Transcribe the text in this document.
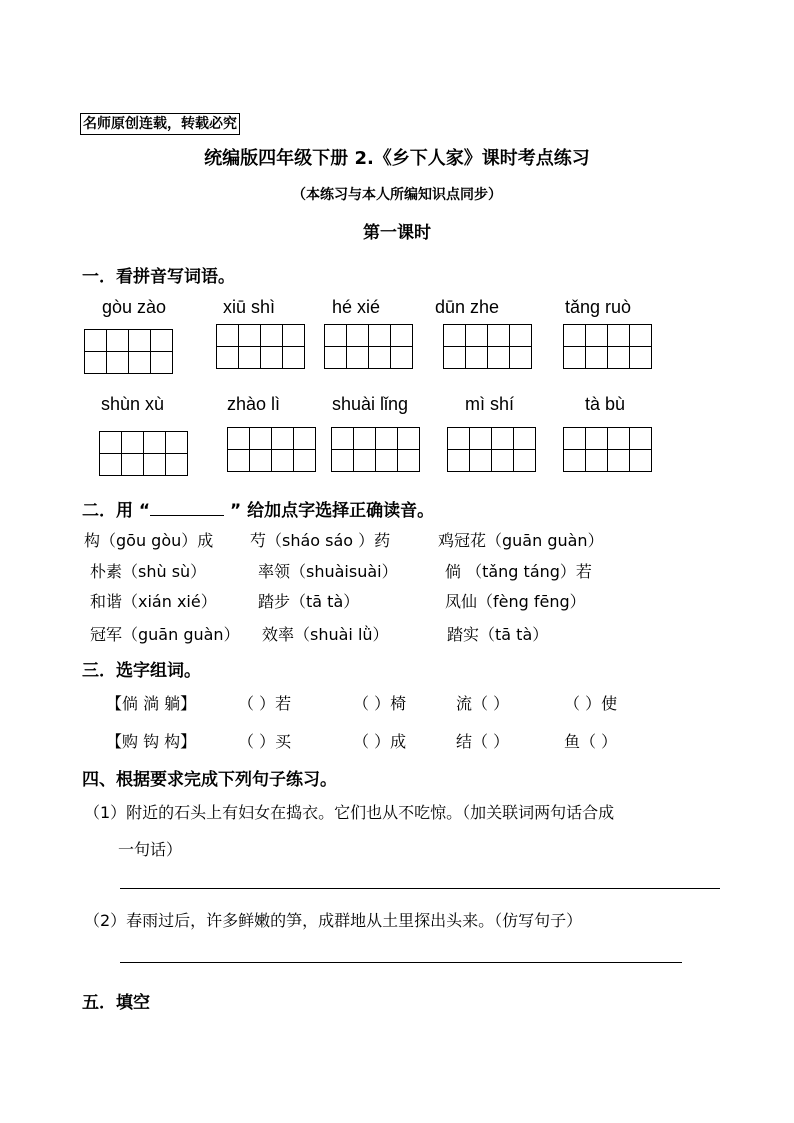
名师原创连载，转载必究
统编版四年级下册 2.《乡下人家》课时考点练习
（本练习与本人所编知识点同步）
第一课时
一．看拼音写词语。
gòu zào	xiū shì	hé xié	dūn zhe	tǎng ruò
shùn xù	zhào lì	shuài lǐng	mì shí	tà bù
二．用 “	” 给加点字选择正确读音。
构（gōu gòu）成 芍（sháo sáo ）药	鸡冠花（guān guàn）
朴素（shù sù）	率领（shuàisuài）	倘 （tǎng táng）若
和谐（xián xié）	踏步（tā tà）	凤仙（fèng fēng）
冠军（guān guàn） 效率（shuài lǜ）	踏实（tā tà）
三．选字组词。
【倘 淌 躺】	（ ）若	（ ）椅	流（ ）	（ ）使
【购 钩 构】	（ ）买	（ ）成	结（ ）	鱼（ ）
四、根据要求完成下列句子练习。
（1）附近的石头上有妇女在捣衣。它们也从不吃惊。（加关联词两句话合成
一句话）
（2）春雨过后，许多鲜嫩的笋，成群地从土里探出头来。（仿写句子）
五．填空
